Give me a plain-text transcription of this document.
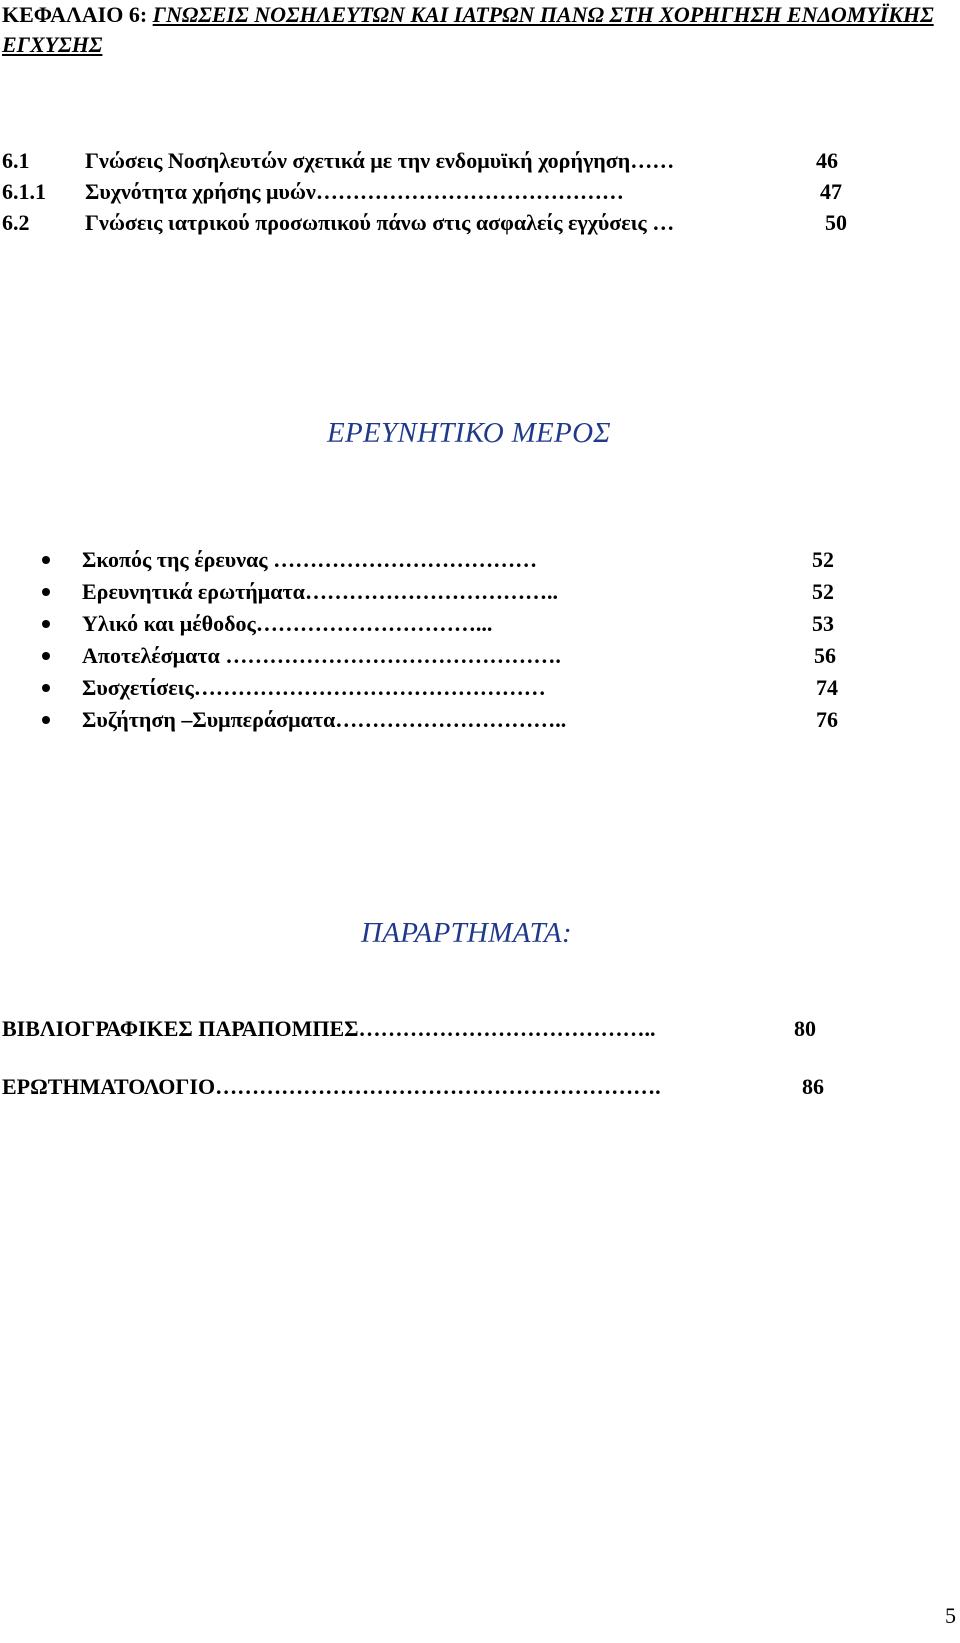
ΚΕΦΑΛΑΙΟ 6: ΓΝΩΣΕΙΣ ΝΟΣΗΛΕΥΤΩΝ ΚΑΙ ΙΑΤΡΩΝ ΠΑΝΩ ΣΤΗ ΧΟΡΗΓΗΣΗ ΕΝΔΟΜΥΪΚΗΣ ΕΓΧΥΣΗΣ
6.1	Γνώσεις Νοσηλευτών σχετικά με την ενδομυϊκή χορήγηση……	46
6.1.1 Συχνότητα χρήσης μυών……………………………………	47
6.2	Γνώσεις ιατρικού προσωπικού πάνω στις ασφαλείς εγχύσεις …	50
ΕΡΕΥΝΗΤΙΚΟ ΜΕΡΟΣ
Σκοπός της έρευνας ………………………………	52
Ερευνητικά ερωτήματα……………………………..	52
Υλικό και μέθοδος…………………………...	53
Αποτελέσματα ……………………………………….	56
Συσχετίσεις…………………………………………	74
Συζήτηση –Συμπεράσματα…………………………..	76
ΠΑΡΑΡΤΗΜΑΤΑ:
ΒΙΒΛΙΟΓΡΑΦΙΚΕΣ ΠΑΡΑΠΟΜΠΕΣ…………………………………..	80
ΕΡΩΤΗΜΑΤΟΛΟΓΙΟ…………………………………………………….	86
5
